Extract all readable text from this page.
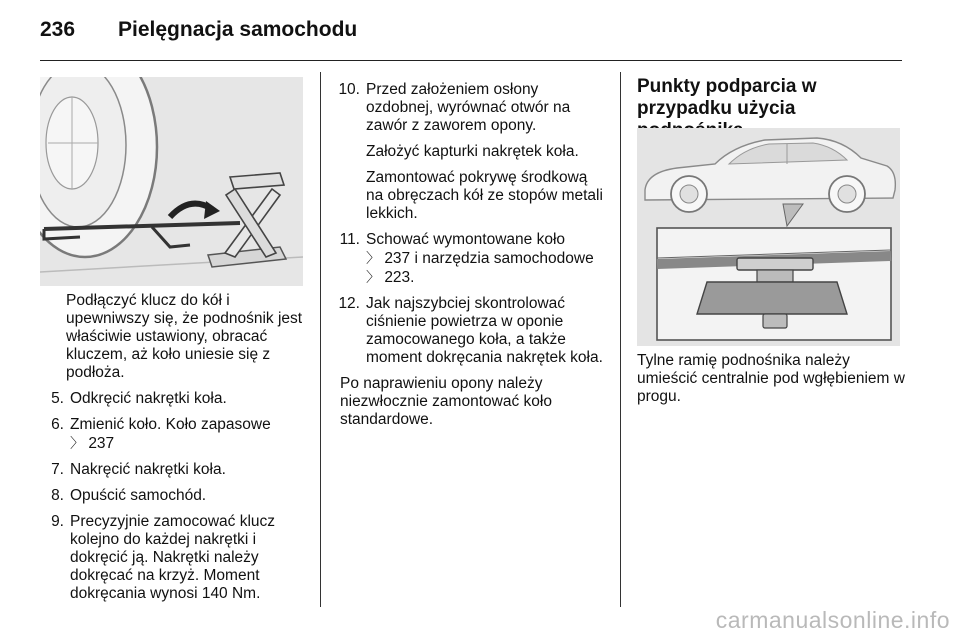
236 Pielęgnacja samochodu

Podłączyć klucz do kół i upewniwszy się, że podnośnik jest właściwie ustawiony, obracać kluczem, aż koło uniesie się z podłoża.

5. Odkręcić nakrętki koła.
6. Zmienić koło. Koło zapasowe
〉 237
7. Nakręcić nakrętki koła.
8. Opuścić samochód.
9. Precyzyjnie zamocować klucz kolejno do każdej nakrętki i dokręcić ją. Nakrętki należy dokręcać na krzyż. Moment dokręcania wynosi 140 Nm.
10. Przed założeniem osłony ozdobnej, wyrównać otwór na zawór z zaworem opony.

Założyć kapturki nakrętek koła.

Zamontować pokrywę środkową na obręczach kół ze stopów metali lekkich.

11. Schować wymontowane koło
〉 237 i narzędzia samochodowe
〉 223.
12. Jak najszybciej skontrolować ciśnienie powietrza w oponie zamocowanego koła, a także moment dokręcania nakrętek koła.

Po naprawieniu opony należy niezwłocznie zamontować koło standardowe.

Punkty podparcia w przypadku użycia

Tylne ramię podnośnika należy umieścić centralnie pod wgłębieniem w progu.

carmanualsonline.info
